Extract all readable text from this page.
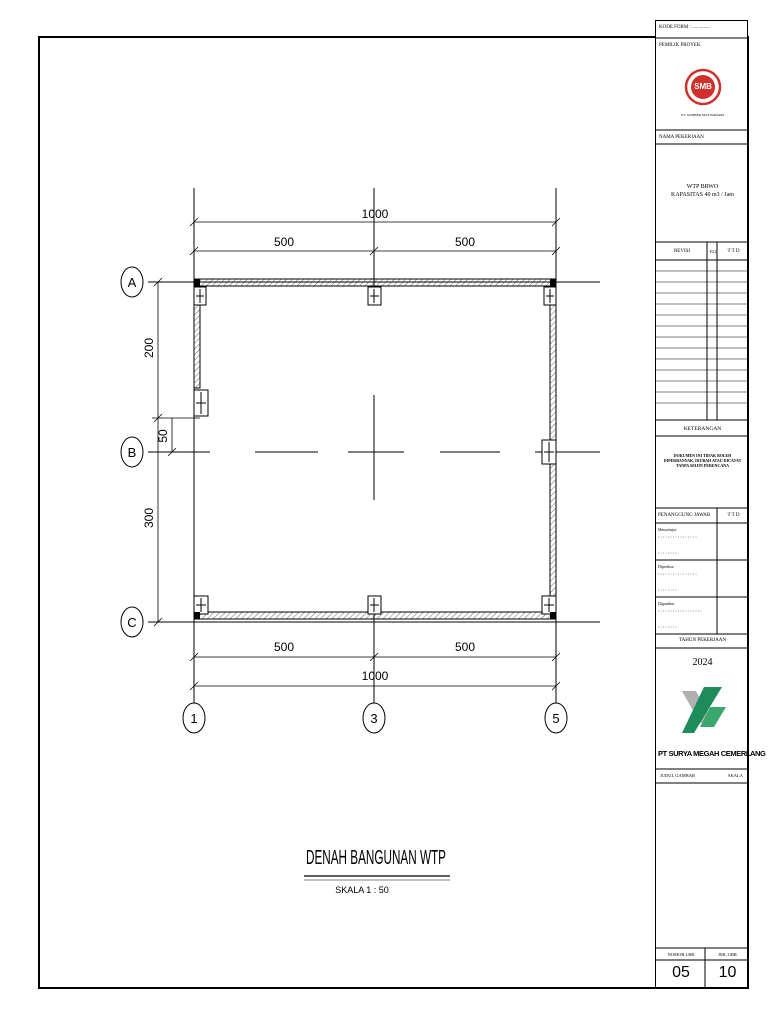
1000
500	500
500	500
1000
200
50
300
A
B
C
1	3	5
DENAH BANGUNAN WTP
SKALA 1 : 50
KODE FORM : ..............
PEMILIK PROYEK
SMB
PT. SUMBER MAS BAHARI
NAMA PEKERJAAN
WTP BRWO
KAPASITAS 40 m3 / Jam
REVISI	TGL	T T D
KETERANGAN
DOKUMEN INI TIDAK BOLEH DIPERBANYAK, DIUBAH ATAU DICATAT TANPA SEIJIN PERENCANA
PENANGGUNG JAWAB	T T D
Menyetujui
Diperiksa
Digambar
TAHUN PEKERJAAN
2024
PT SURYA MEGAH CEMERLANG
JUDUL GAMBAR	SKALA
NOMOR LBR	JML GBR
05	10
